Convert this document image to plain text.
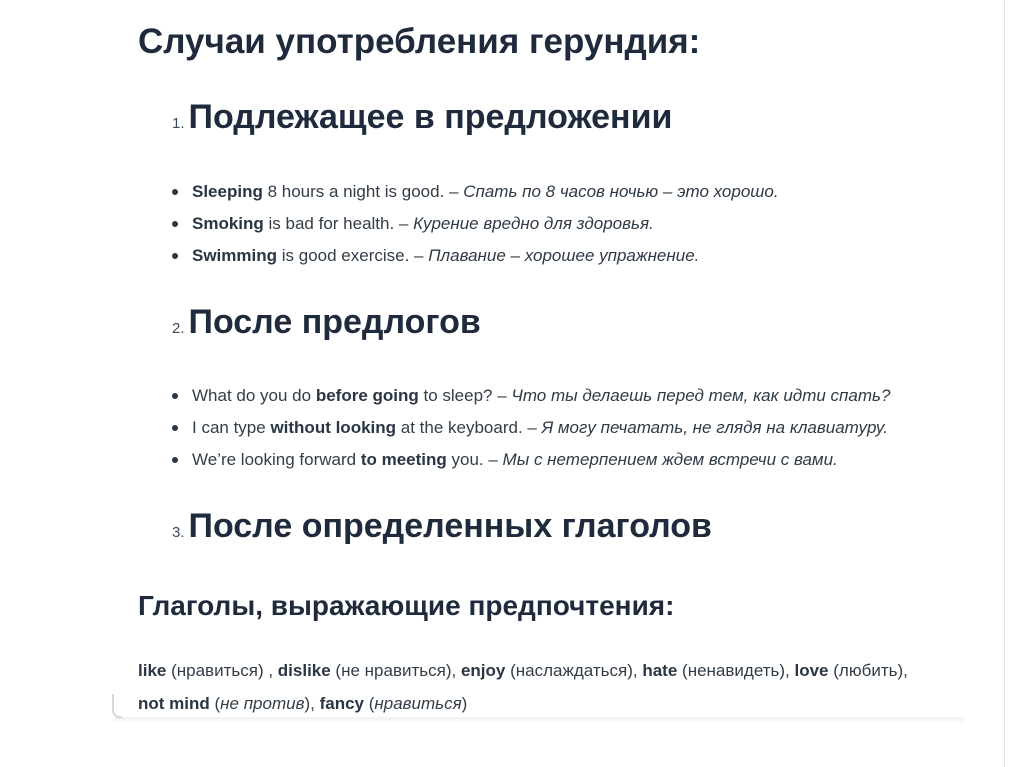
Случаи употребления герундия:
1. Подлежащее в предложении
Sleeping 8 hours a night is good. – Спать по 8 часов ночью – это хорошо.
Smoking is bad for health. – Курение вредно для здоровья.
Swimming is good exercise. – Плавание – хорошее упражнение.
2. После предлогов
What do you do before going to sleep? – Что ты делаешь перед тем, как идти спать?
I can type without looking at the keyboard. – Я могу печатать, не глядя на клавиатуру.
We’re looking forward to meeting you. – Мы с нетерпением ждем встречи с вами.
3. После определенных глаголов
Глаголы, выражающие предпочтения:

like (нравиться) , dislike (не нравиться), enjoy (наслаждаться), hate (ненавидеть), love (любить), not mind (не против), fancy (нравиться)
